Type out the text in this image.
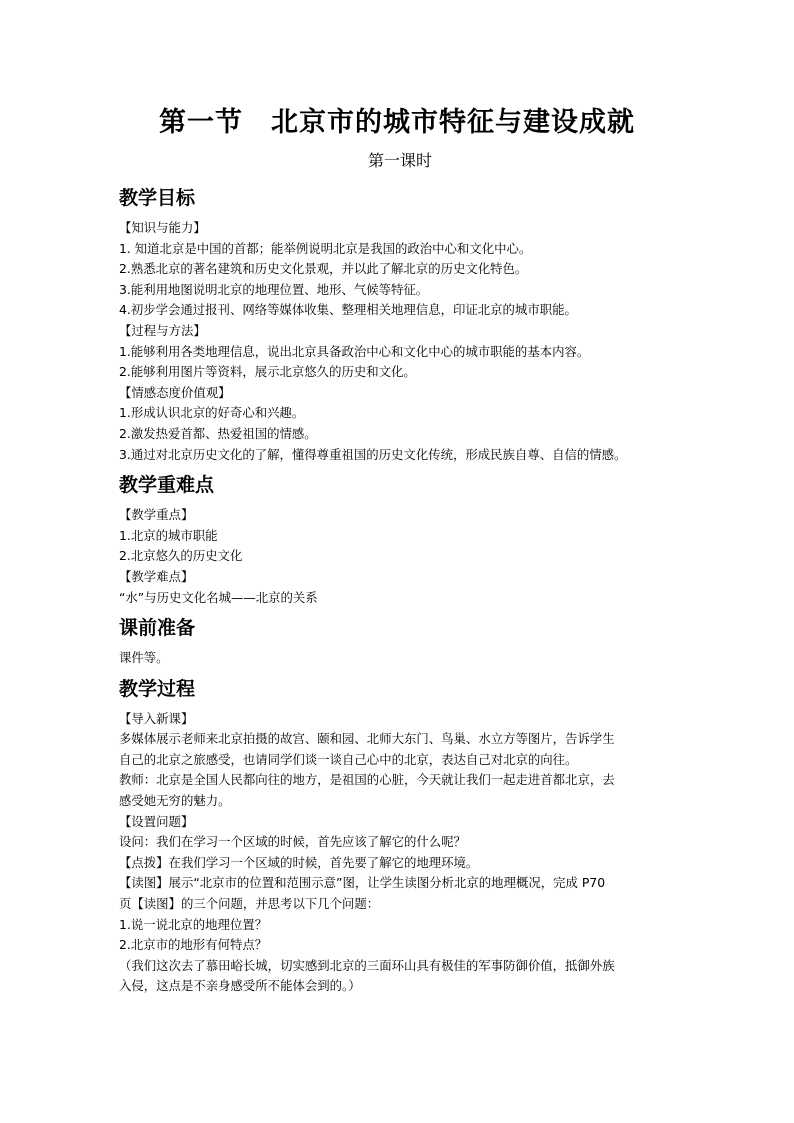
第一节　北京市的城市特征与建设成就
第一课时
教学目标
【知识与能力】
1. 知道北京是中国的首都；能举例说明北京是我国的政治中心和文化中心。
2.熟悉北京的著名建筑和历史文化景观，并以此了解北京的历史文化特色。
3.能利用地图说明北京的地理位置、地形、气候等特征。
4.初步学会通过报刊、网络等媒体收集、整理相关地理信息，印证北京的城市职能。
【过程与方法】
1.能够利用各类地理信息，说出北京具备政治中心和文化中心的城市职能的基本内容。
2.能够利用图片等资料，展示北京悠久的历史和文化。
【情感态度价值观】
1.形成认识北京的好奇心和兴趣。
2.激发热爱首都、热爱祖国的情感。
3.通过对北京历史文化的了解，懂得尊重祖国的历史文化传统，形成民族自尊、自信的情感。
教学重难点
【教学重点】
1.北京的城市职能
2.北京悠久的历史文化
【教学难点】
“水”与历史文化名城——北京的关系
课前准备
课件等。
教学过程
【导入新课】
多媒体展示老师来北京拍摄的故宫、颐和园、北师大东门、鸟巢、水立方等图片，告诉学生
自己的北京之旅感受，也请同学们谈一谈自己心中的北京，表达自己对北京的向往。
教师：北京是全国人民都向往的地方，是祖国的心脏，今天就让我们一起走进首都北京，去
感受她无穷的魅力。
【设置问题】
设问：我们在学习一个区域的时候，首先应该了解它的什么呢？
【点拨】在我们学习一个区域的时候，首先要了解它的地理环境。
【读图】展示“北京市的位置和范围示意”图，让学生读图分析北京的地理概况，完成 P70
页【读图】的三个问题，并思考以下几个问题：
1.说一说北京的地理位置？
2.北京市的地形有何特点？
（我们这次去了慕田峪长城，切实感到北京的三面环山具有极佳的军事防御价值，抵御外族
入侵，这点是不亲身感受所不能体会到的。）
